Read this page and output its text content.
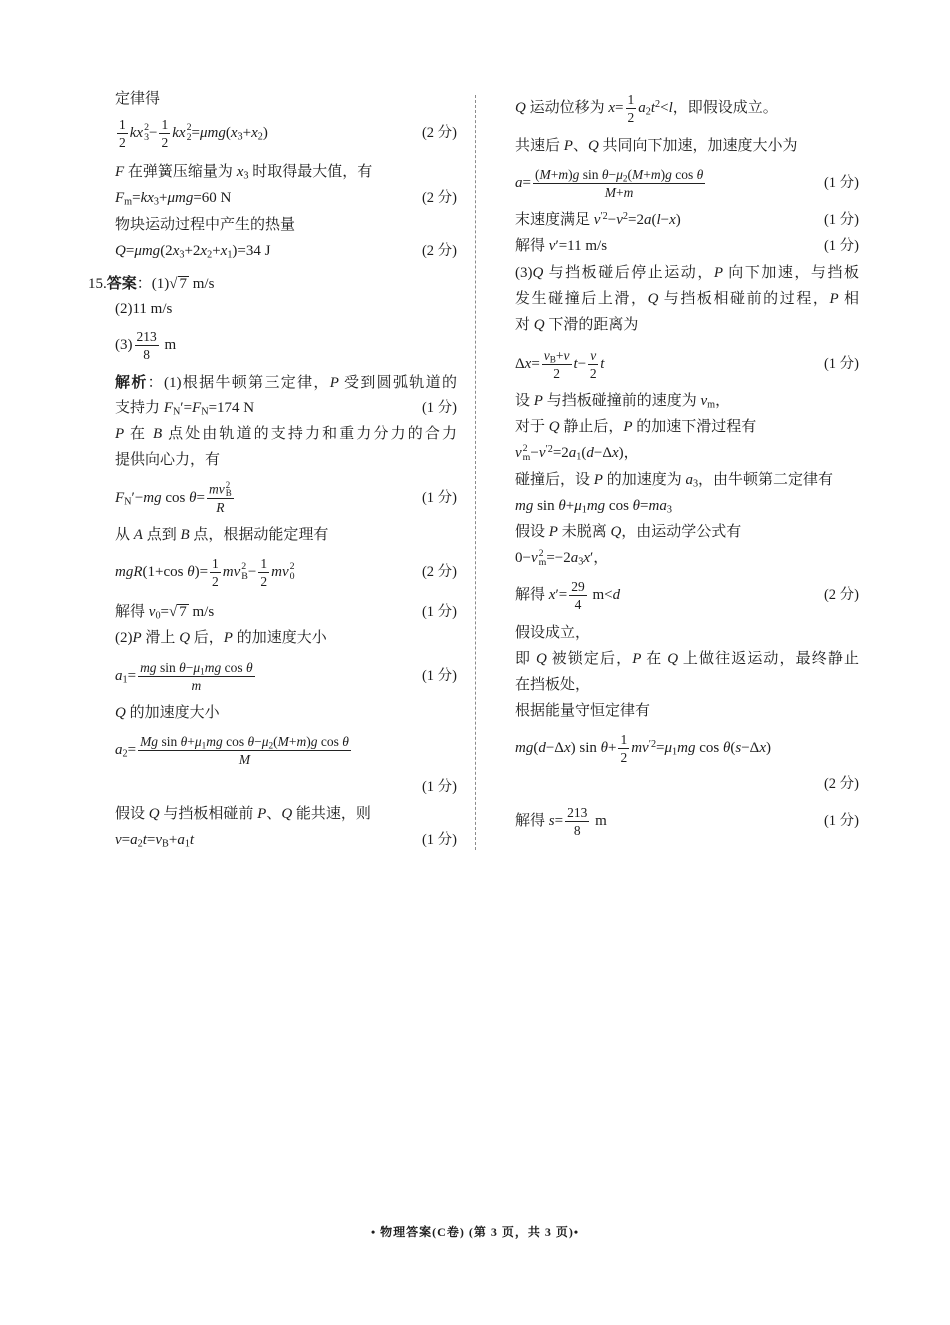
定律得
$\frac{1}{2}$ kx 2
$3 - \frac{1}{2}$ kx 2
$2 =\mu mg(x_3+x_2)$	(2 分)
F 在弹簧压缩量为 $x_3$ 时取得最大值，有
$F_m=kx_3+\mu mg=60$ N	(2 分)
物块运动过程中产生的热量
$Q=\mu mg(2x_3+2x_2+x_1)=34$ J	(2 分)
15.答案：(1)√ 7 m/s
(2)11 m/s
$(3) \frac{213}{8}$ m
解析：(1)根据牛顿第三定律，P 受到圆弧轨道的
支持力 $F_N'=F_N=174$ N	(1 分)
P 在 B 点处由轨道的支持力和重力分力的合力
提供向心力，有
$F_N'-mg$ cos θ= mv 2
B
R	(1 分)
从 A 点到 B 点，根据动能定理有
mgR(1+cos $\theta)= \frac{1}{2}$ mv 2
$B - \frac{1}{2}$ mv 2
0	(2 分)
解得 $v_0=√$ 7 m/s	(1 分)
(2)P 滑上 Q 后，P 的加速度大小
$a_1= \frac{mg \sin \theta-\mu_1mg \cos \theta}{m}$	(1 分)
Q 的加速度大小
$a_2= \frac{Mg \sin \theta+\mu_1mg \cos \theta-\mu_2(M+m)g \cos \theta}{M}$
(1 分)
假设 Q 与挡板相碰前 P、Q 能共速，则
$v=a_2t=v_B+a_1t$	(1 分)
Q 运动位移为 $x= \frac{1}{2} a_2t^2<l$，即假设成立。
共速后 P、Q 共同向下加速，加速度大小为
$a= \frac{(M+m)g \sin \theta-\mu_2(M+m)g \cos \theta}{M+m}$	(1 分)
末速度满足 $v^{'2}-v^2=2a(l-x)$	(1 分)
解得 v′=11 m/s	(1 分)
(3)Q 与挡板碰后停止运动，P 向下加速，与挡板
发生碰撞后上滑，Q 与挡板相碰前的过程，P 相
对 Q 下滑的距离为
$\Delta x= \frac{v_B+v}{2} t- \frac{v}{2}$ t	(1 分)
设 P 与挡板碰撞前的速度为 $v_m$，
对于 Q 静止后，P 的加速下滑过程有
v 2
$m -v^{'2}=2a_1(d-\Delta x)$，
碰撞后，设 P 的加速度为 $a_3$，由牛顿第二定律有
mg $\sin \theta+\mu_1mg$ $\cos \theta=ma_3$
假设 P 未脱离 Q，由运动学公式有
0−v 2
$m =-2a_3x'$，
解得 $x'= \frac{29}{4} m<d$	(2 分)
假设成立，
即 Q 被锁定后，P 在 Q 上做往返运动，最终静止
在挡板处，
根据能量守恒定律有
mg(d−Δx) $\sin \theta+ \frac{1}{2} mv^{'2}=\mu_1mg$ cos θ(s−Δx)
(2 分)
解得 $s= \frac{213}{8}$ m	(1 分)
• 物理答案(C卷) (第 3 页，共 3 页)•
